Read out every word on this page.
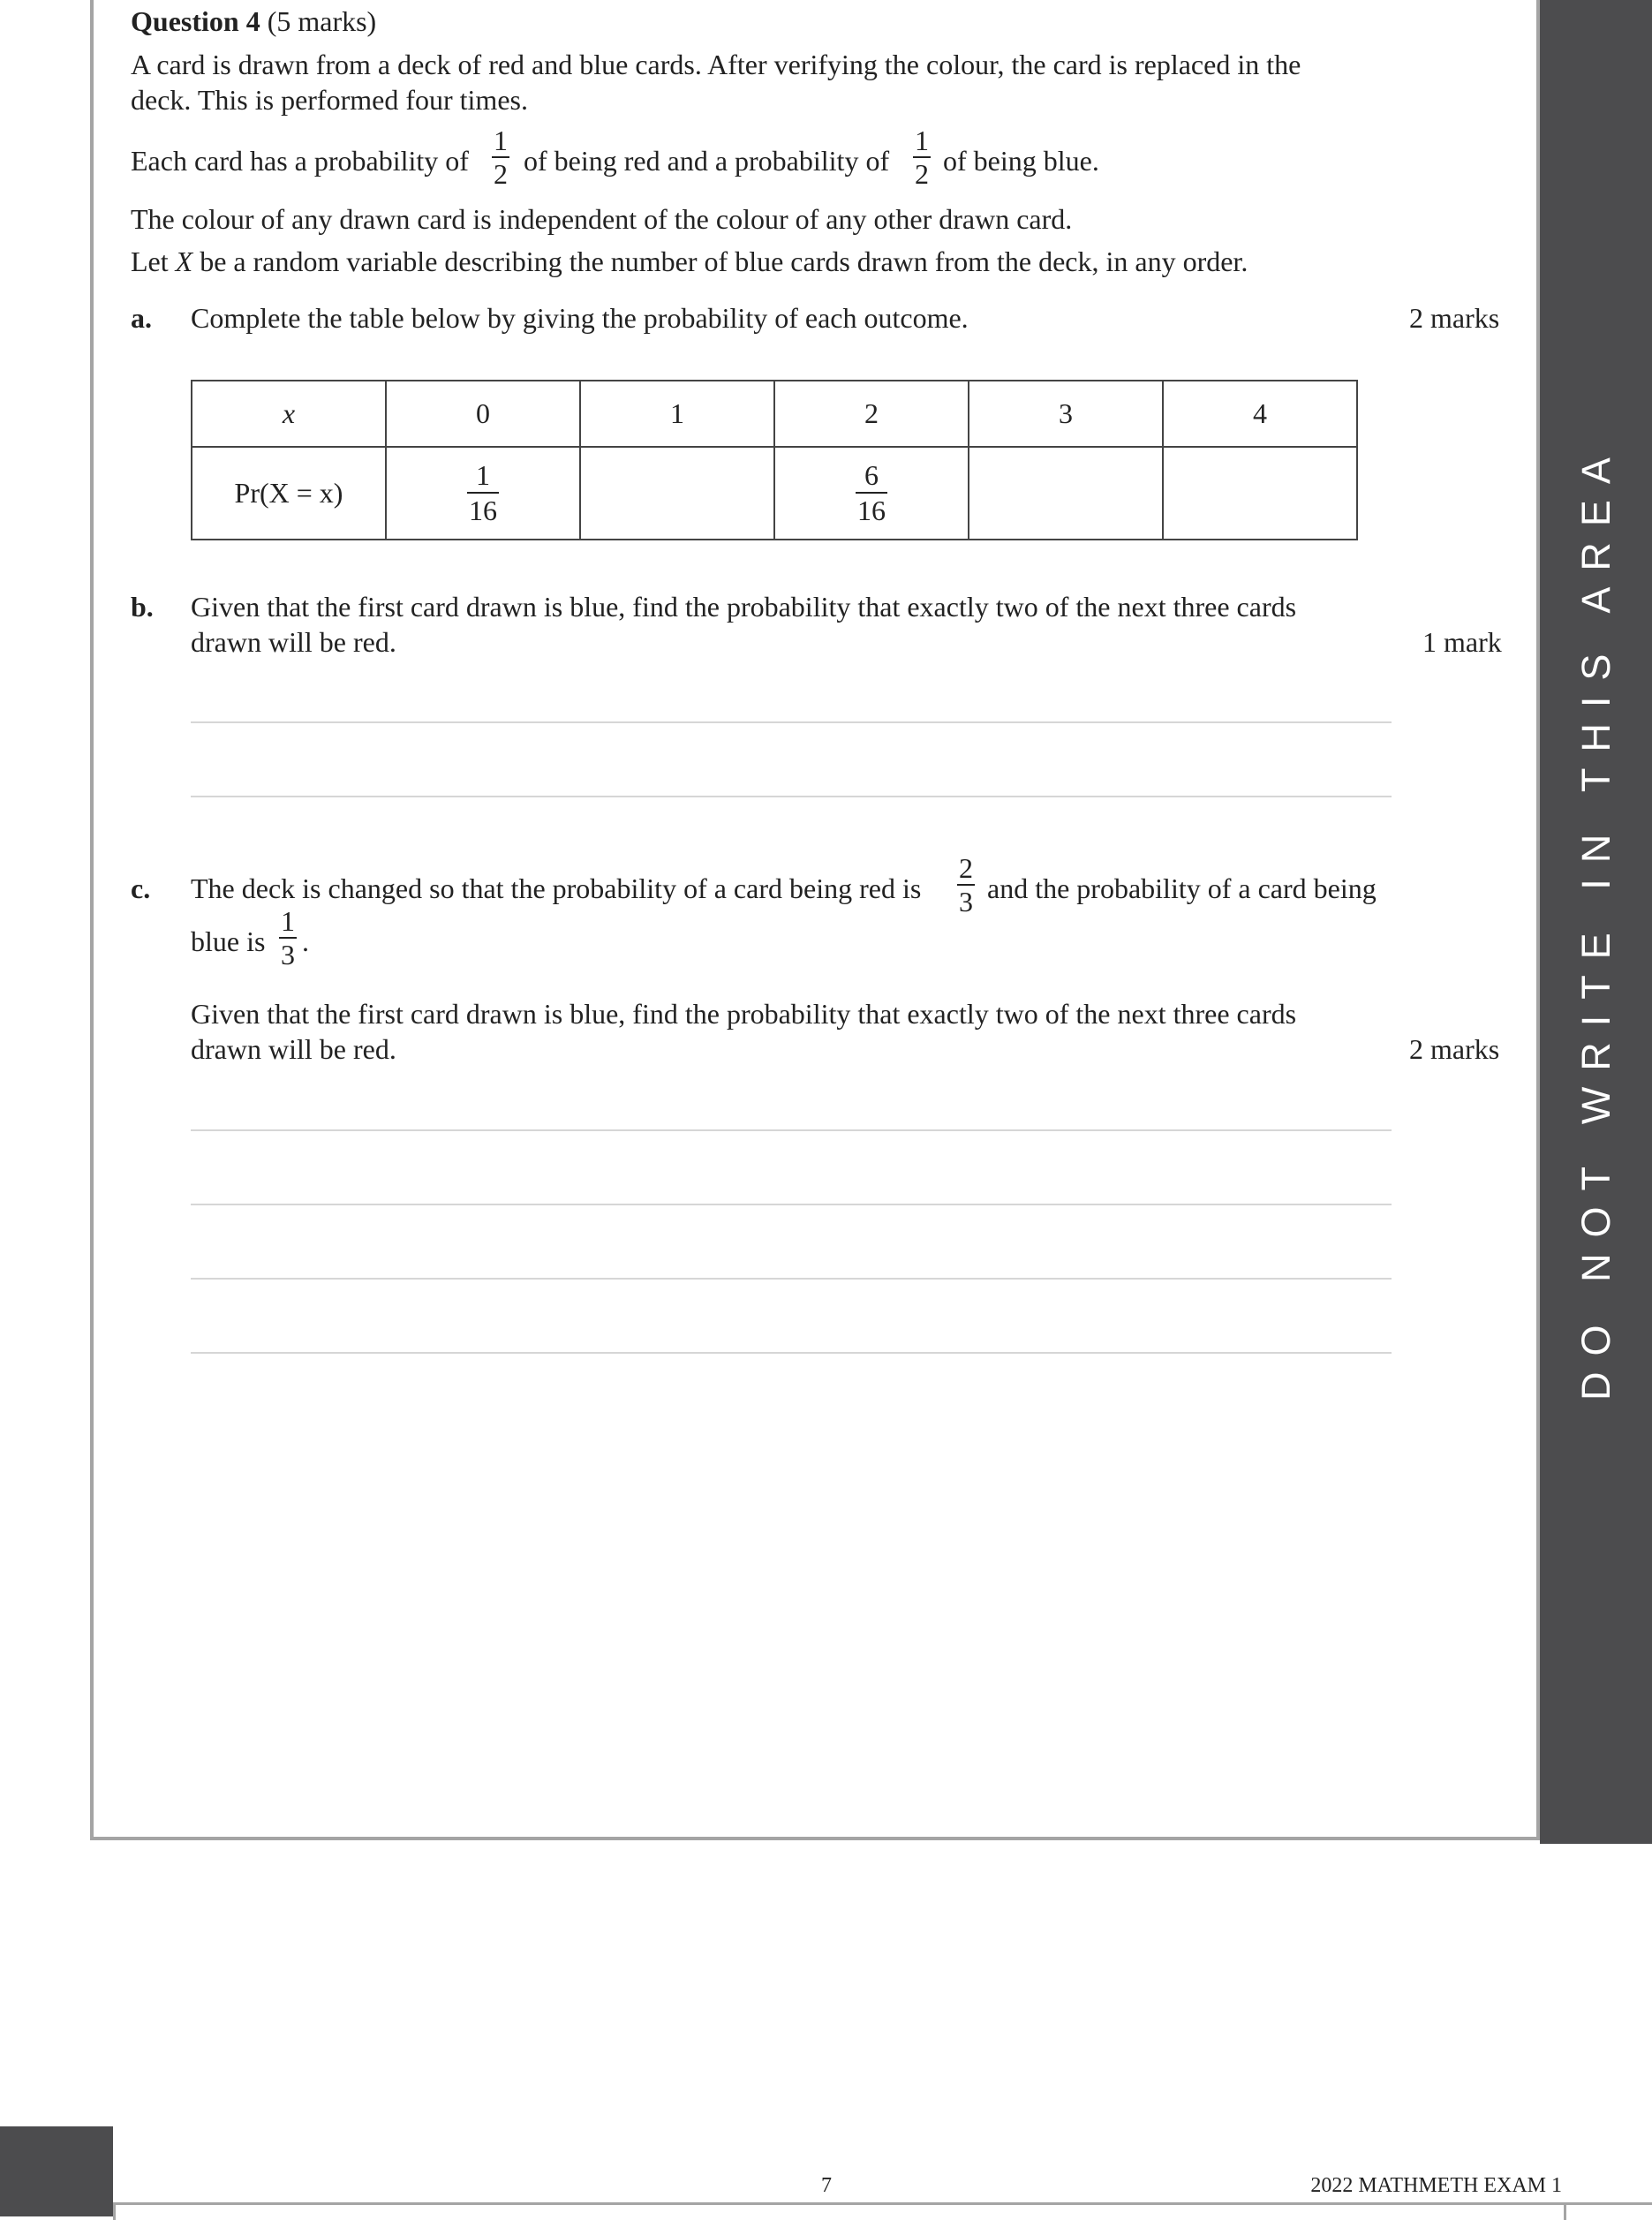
DO NOT WRITE IN THIS AREA
Question 4 (5 marks)
A card is drawn from a deck of red and blue cards. After verifying the colour, the card is replaced in the
deck. This is performed four times.
Each card has a probability of
1
2 of being red and a probability of
1
2 of being blue.
The colour of any drawn card is independent of the colour of any other drawn card.
Let X be a random variable describing the number of blue cards drawn from the deck, in any order.
a. Complete the table below by giving the probability of each outcome.	2 marks
x	0	1	2	3	4
Pr(X = x)	$\frac{1}{16}$		$\frac{6}{16}$		
b. Given that the first card drawn is blue, find the probability that exactly two of the next three cards
drawn will be red.	1 mark
c. The deck is changed so that the probability of a card being red is
2
3 and the probability of a card being
blue is
1
3 .
Given that the first card drawn is blue, find the probability that exactly two of the next three cards
drawn will be red.	2 marks
7	2022 MATHMETH EXAM 1
